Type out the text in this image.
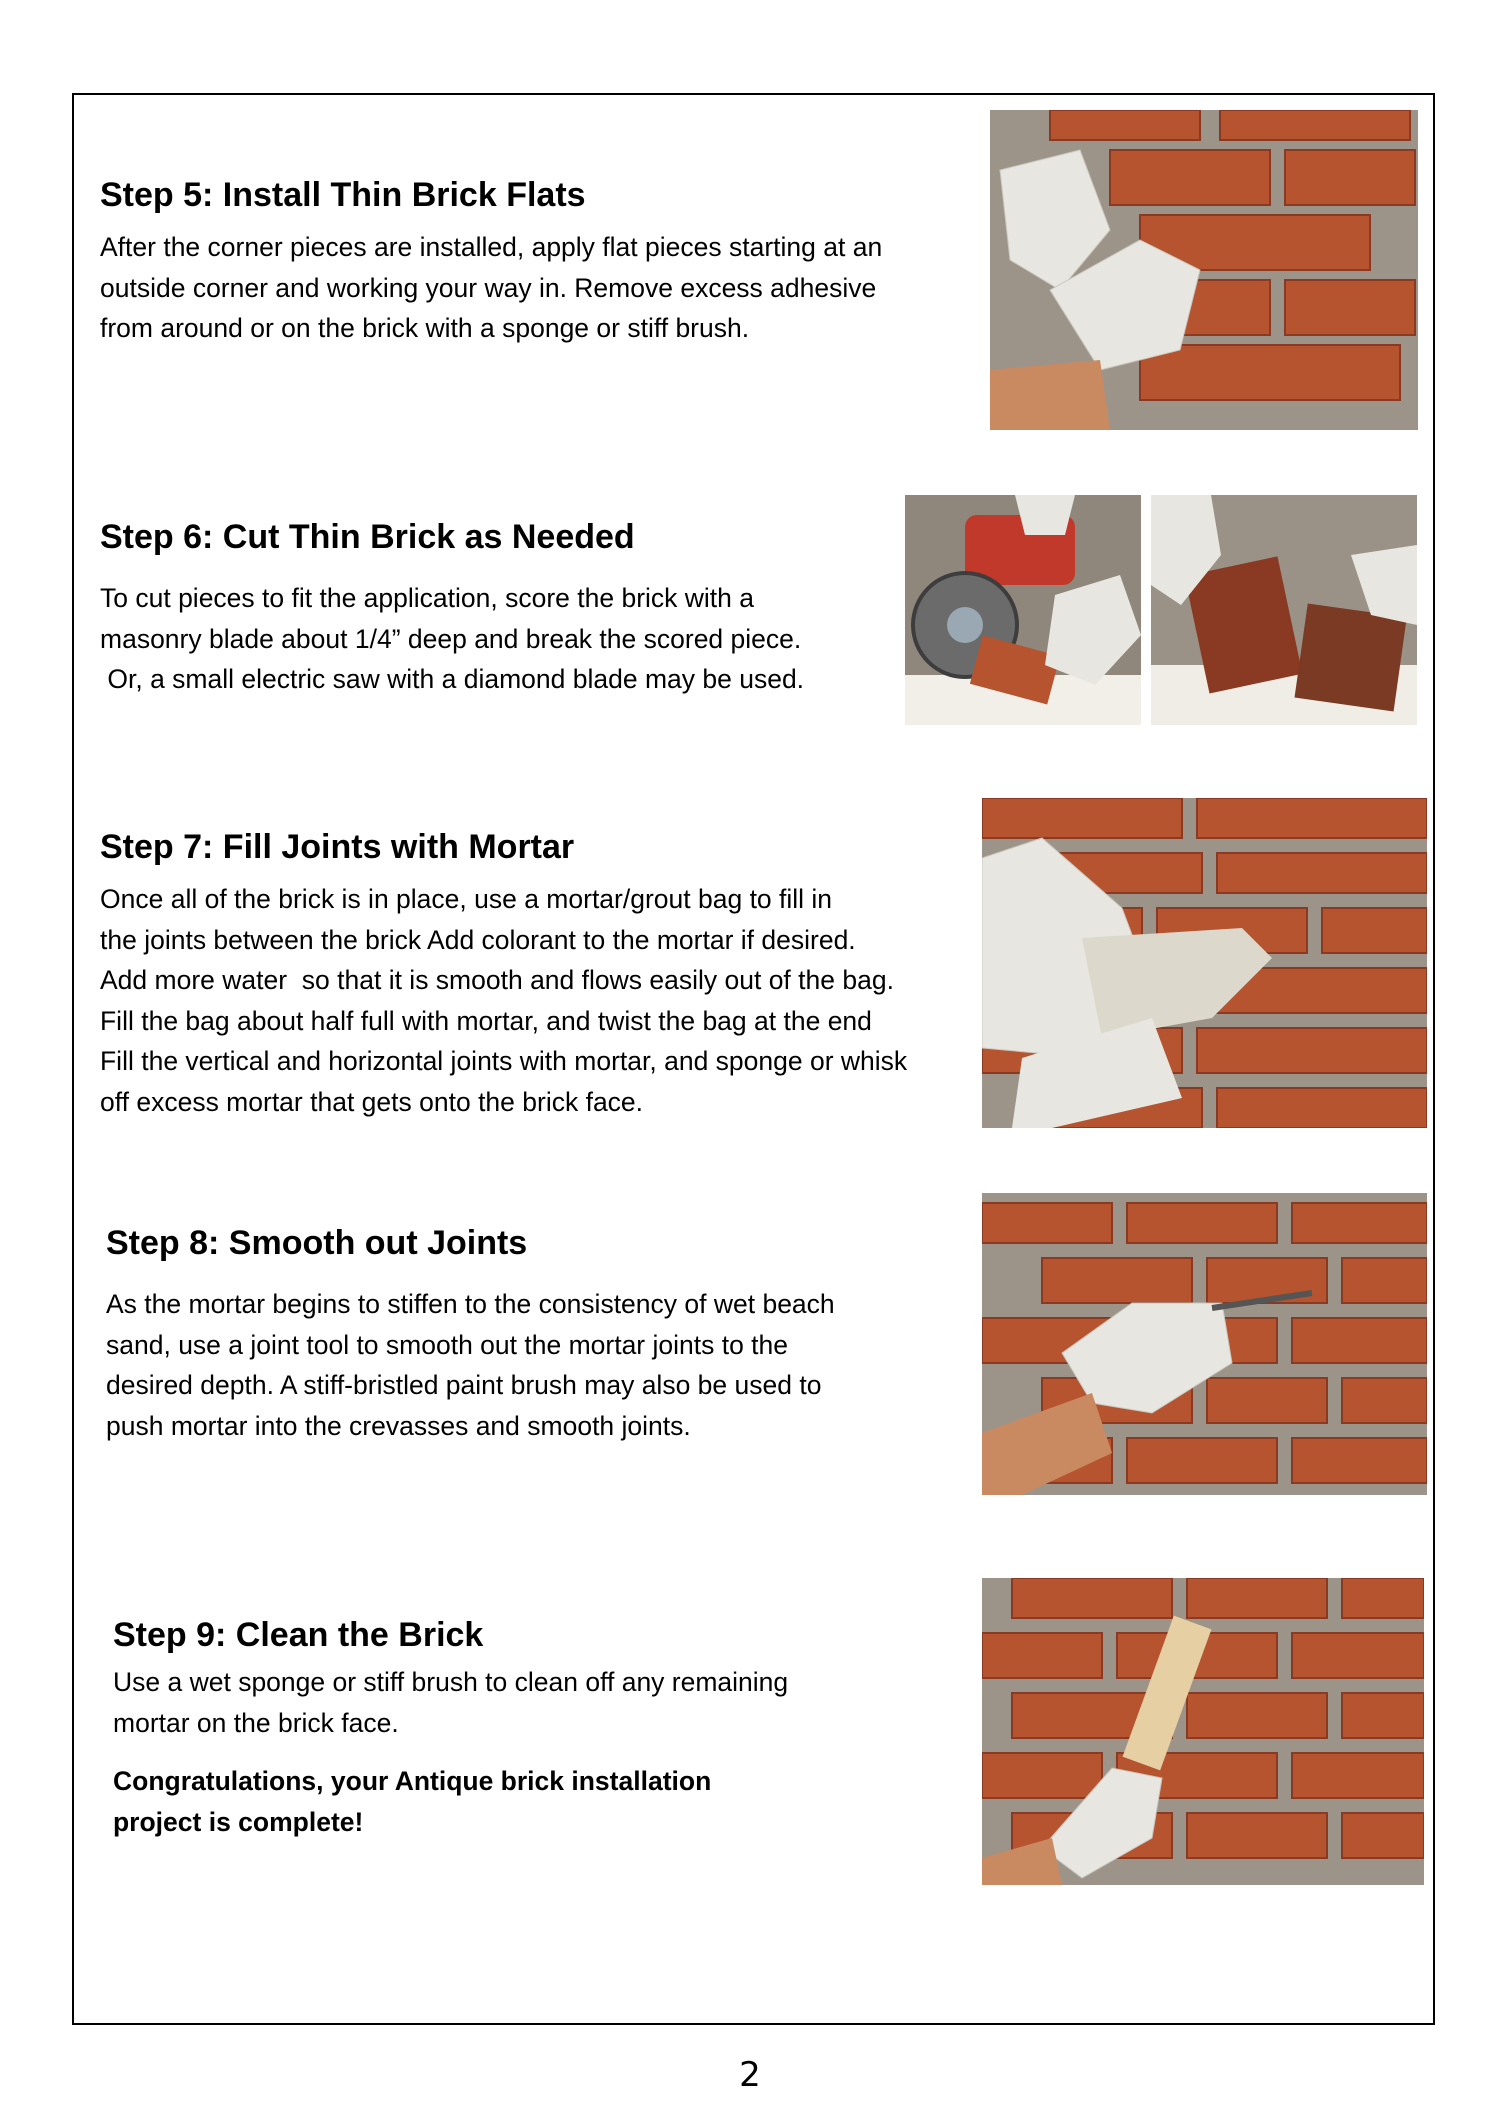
Step 5: Install Thin Brick Flats

After the corner pieces are installed, apply flat pieces starting at an

outside corner and working your way in. Remove excess adhesive

from around or on the brick with a sponge or stiff brush.

Step 6: Cut Thin Brick as Needed

To cut pieces to fit the application, score the brick with a

masonry blade about 1/4” deep and break the scored piece.

Or, a small electric saw with a diamond blade may be used.

Step 7: Fill Joints with Mortar

Once all of the brick is in place, use a mortar/grout bag to fill in

the joints between the brick Add colorant to the mortar if desired.

Add more water  so that it is smooth and flows easily out of the bag.

Fill the bag about half full with mortar, and twist the bag at the end

Fill the vertical and horizontal joints with mortar, and sponge or whisk

off excess mortar that gets onto the brick face.

Step 8: Smooth out Joints

As the mortar begins to stiffen to the consistency of wet beach

sand, use a joint tool to smooth out the mortar joints to the

desired depth. A stiff-bristled paint brush may also be used to

push mortar into the crevasses and smooth joints.

Step 9: Clean the Brick

Use a wet sponge or stiff brush to clean off any remaining

mortar on the brick face.

Congratulations, your Antique brick installation

project is complete!

2
